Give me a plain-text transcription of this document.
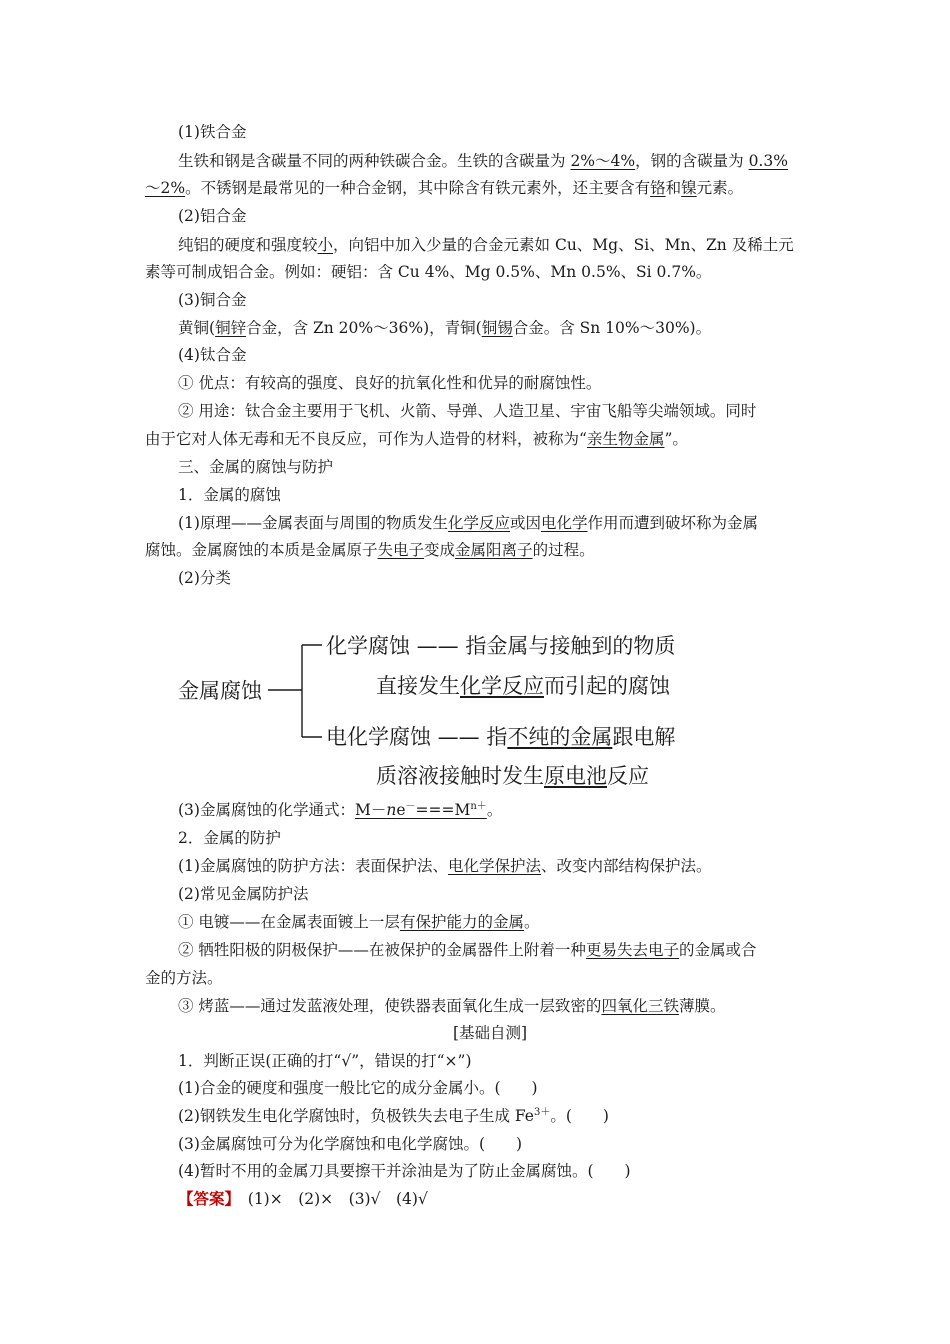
(1)铁合金
生铁和钢是含碳量不同的两种铁碳合金。生铁的含碳量为 2%～4%，钢的含碳量为 0.3%
～2%。不锈钢是最常见的一种合金钢，其中除含有铁元素外，还主要含有铬和镍元素。
(2)铝合金
纯铝的硬度和强度较小，向铝中加入少量的合金元素如 Cu、Mg、Si、Mn、Zn 及稀土元
素等可制成铝合金。例如：硬铝：含 Cu 4%、Mg 0.5%、Mn 0.5%、Si 0.7%。
(3)铜合金
黄铜(铜锌合金，含 Zn 20%～36%)，青铜(铜锡合金。含 Sn 10%～30%)。
(4)钛合金
① 优点：有较高的强度、良好的抗氧化性和优异的耐腐蚀性。
② 用途：钛合金主要用于飞机、火箭、导弹、人造卫星、宇宙飞船等尖端领域。同时
由于它对人体无毒和无不良反应，可作为人造骨的材料，被称为“亲生物金属”。
三、金属的腐蚀与防护
1．金属的腐蚀
(1)原理——金属表面与周围的物质发生化学反应或因电化学作用而遭到破坏称为金属
腐蚀。金属腐蚀的本质是金属原子失电子变成金属阳离子的过程。
(2)分类
金属腐蚀
化学腐蚀 —— 指金属与接触到的物质
直接发生化学反应而引起的腐蚀
电化学腐蚀 —— 指不纯的金属跟电解
质溶液接触时发生原电池反应
(3)金属腐蚀的化学通式：$M-ne^-===M^{n+}$。
2．金属的防护
(1)金属腐蚀的防护方法：表面保护法、电化学保护法、改变内部结构保护法。
(2)常见金属防护法
① 电镀——在金属表面镀上一层有保护能力的金属。
② 牺牲阳极的阴极保护——在被保护的金属器件上附着一种更易失去电子的金属或合
金的方法。
③ 烤蓝——通过发蓝液处理，使铁器表面氧化生成一层致密的四氧化三铁薄膜。
[基础自测]
1．判断正误(正确的打“√”，错误的打“×”)
(1)合金的硬度和强度一般比它的成分金属小。(　　)
(2)钢铁发生电化学腐蚀时，负极铁失去电子生成 $Fe^{3+}$。(　　)
(3)金属腐蚀可分为化学腐蚀和电化学腐蚀。(　　)
(4)暂时不用的金属刀具要擦干并涂油是为了防止金属腐蚀。(　　)
【答案】　(1)×　(2)×　(3)√　(4)√
